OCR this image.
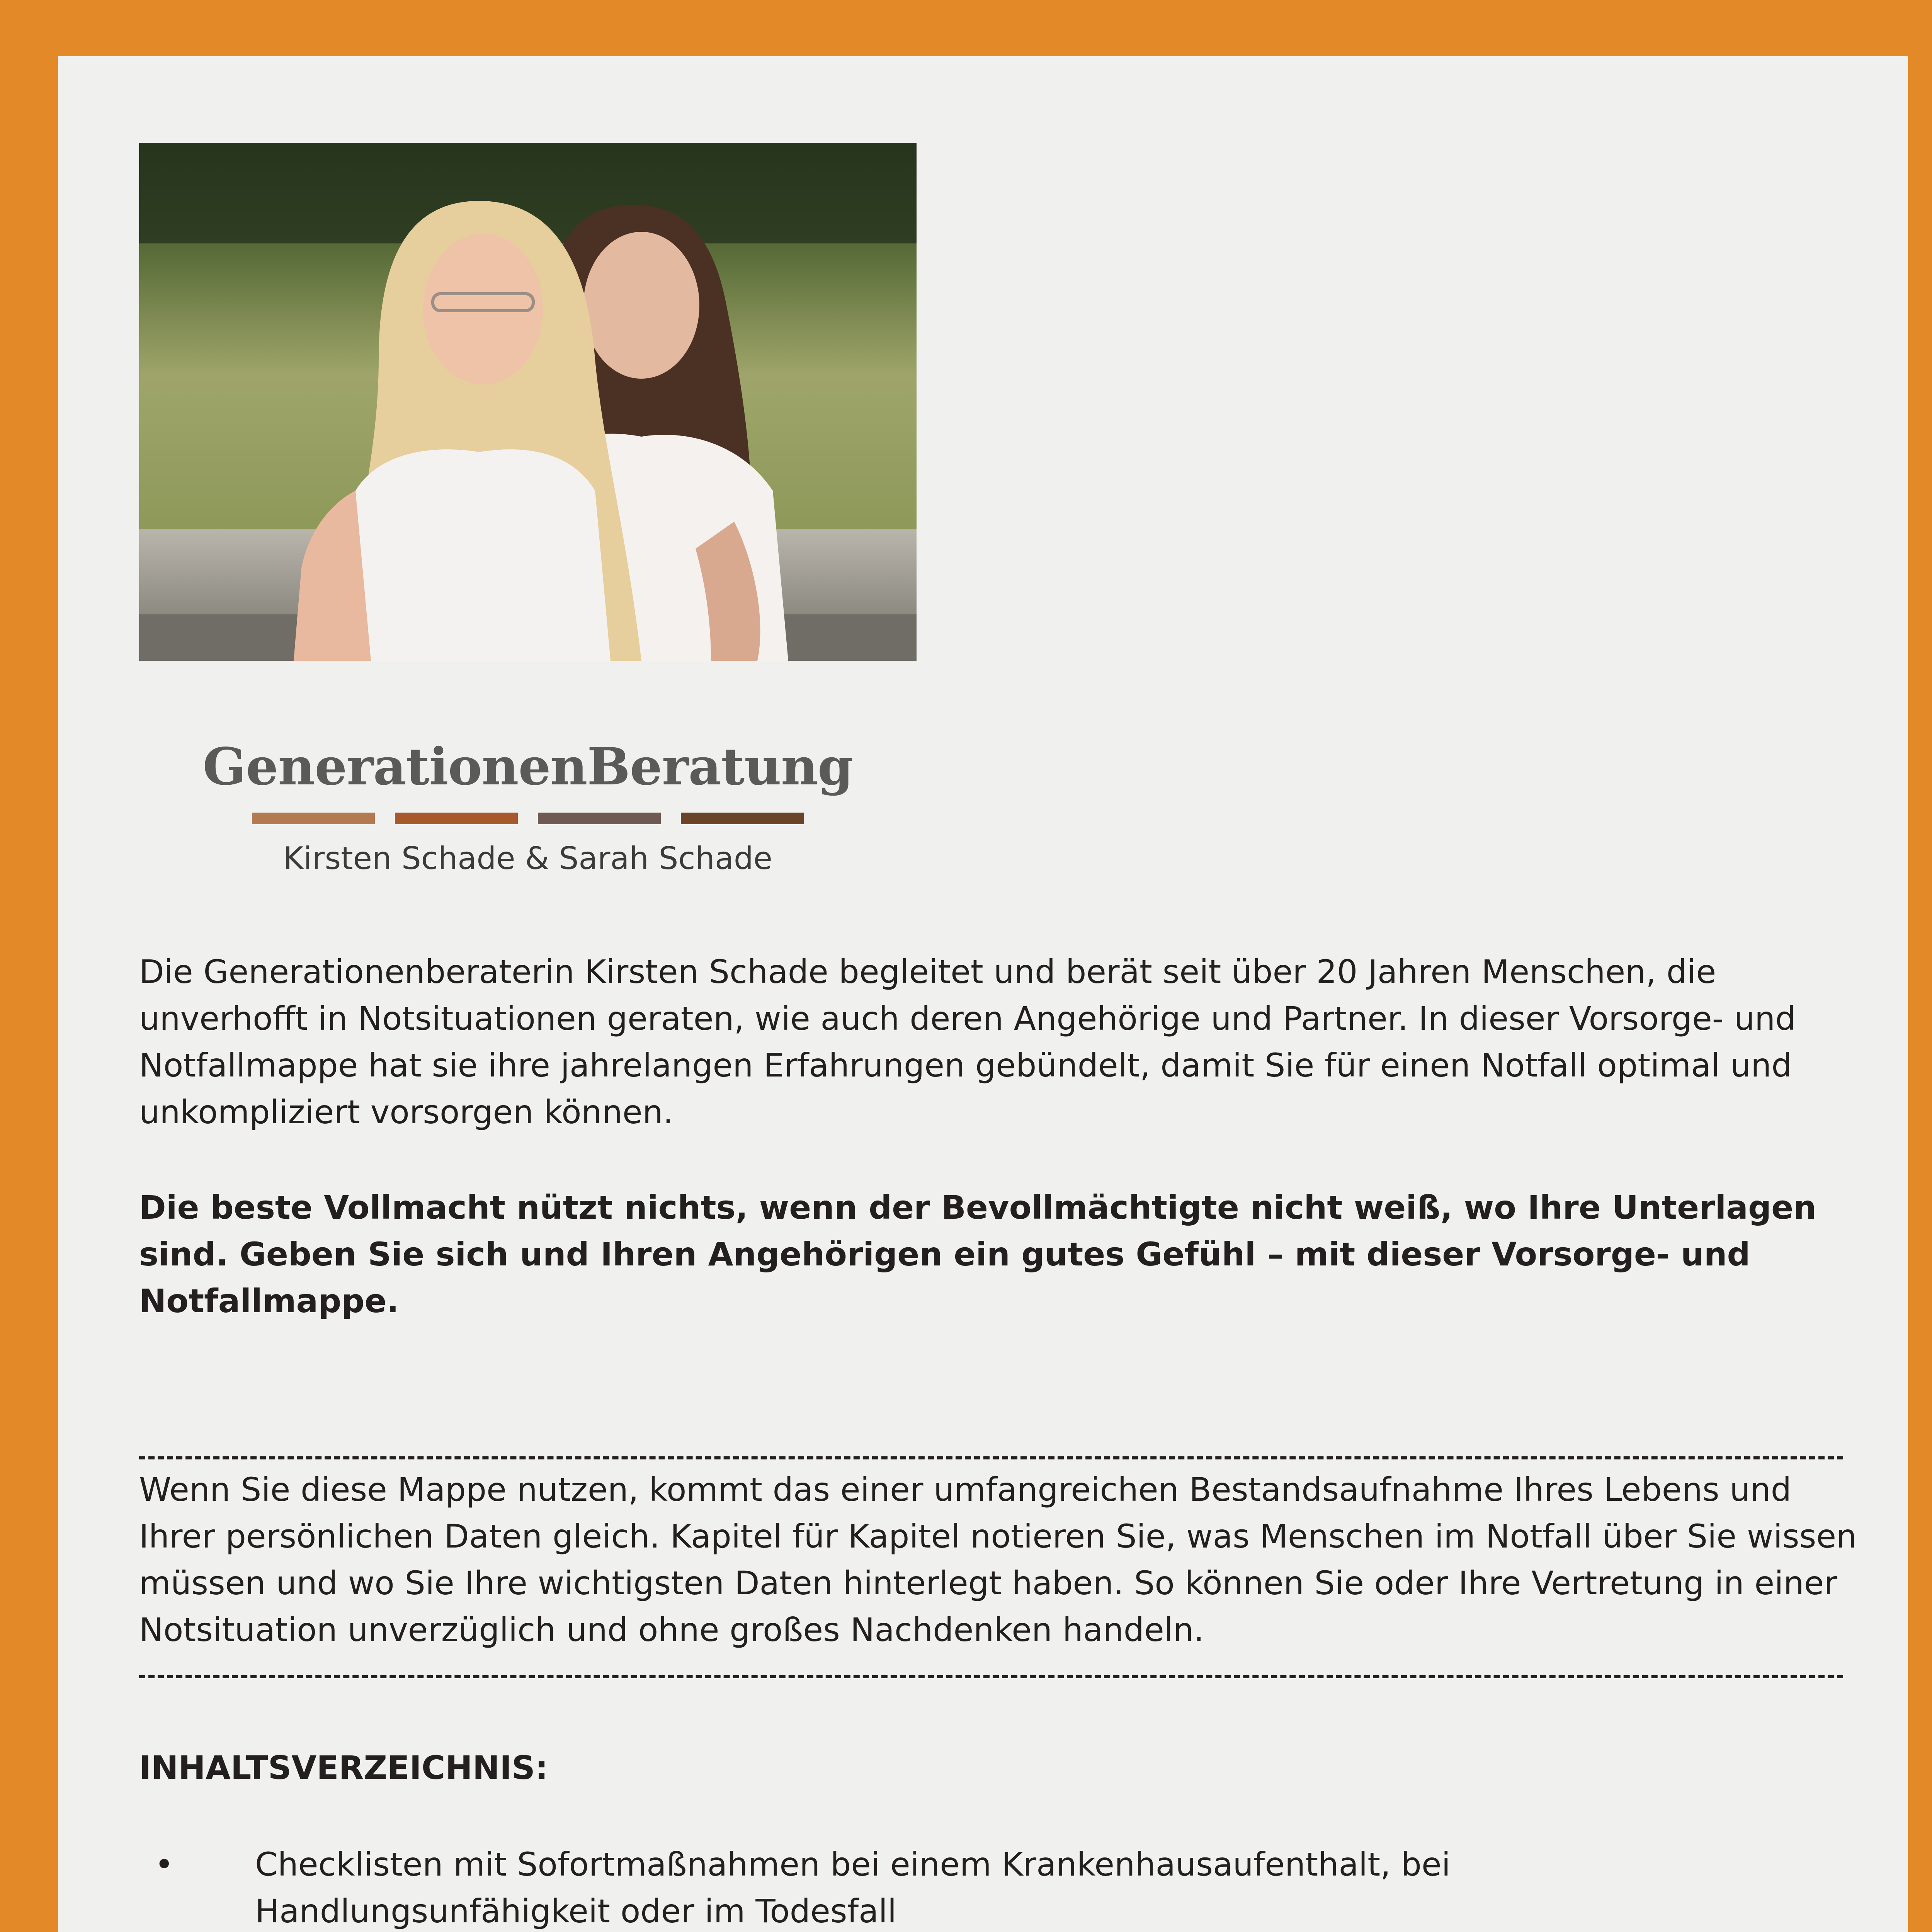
GenerationenBeratung
Kirsten Schade & Sarah Schade
Die Generationenberaterin Kirsten Schade begleitet und berät seit über 20 Jahren Menschen, die unverhofft in Notsituationen geraten, wie auch deren Angehörige und Partner. In dieser Vorsorge- und Notfallmappe hat sie ihre jahrelangen Erfahrungen gebündelt, damit Sie für einen Notfall optimal und unkompliziert vorsorgen können.
Die beste Vollmacht nützt nichts, wenn der Bevollmächtigte nicht weiß, wo Ihre Unterlagen sind. Geben Sie sich und Ihren Angehörigen ein gutes Gefühl – mit dieser Vorsorge- und Notfallmappe.
Wenn Sie diese Mappe nutzen, kommt das einer umfangreichen Bestandsaufnahme Ihres Lebens und Ihrer persönlichen Daten gleich. Kapitel für Kapitel notieren Sie, was Menschen im Notfall über Sie wissen müssen und wo Sie Ihre wichtigsten Daten hinterlegt haben. So können Sie oder Ihre Vertretung in einer Notsituation unverzüglich und ohne großes Nachdenken handeln.
INHALTSVERZEICHNIS:
• Checklisten mit Sofortmaßnahmen bei einem Krankenhausaufenthalt, bei Handlungsunfähigkeit oder im Todesfall
